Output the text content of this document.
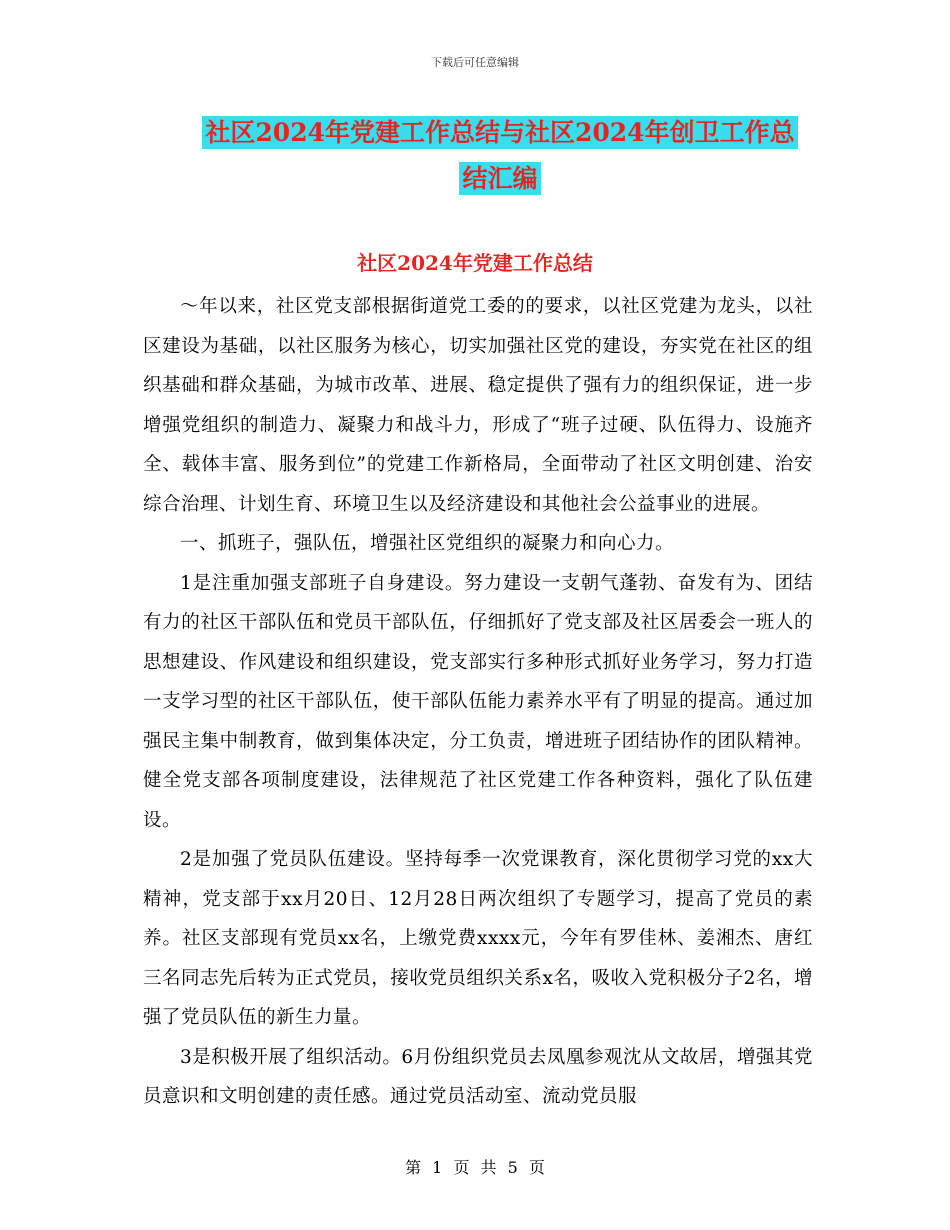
下载后可任意编辑
社区2024年党建工作总结与社区2024年创卫工作总
结汇编
社区2024年党建工作总结

～年以来，社区党支部根据街道党工委的的要求，以社区党建为龙头，以社区建设为基础，以社区服务为核心，切实加强社区党的建设，夯实党在社区的组织基础和群众基础，为城市改革、进展、稳定提供了强有力的组织保证，进一步增强党组织的制造力、凝聚力和战斗力，形成了“班子过硬、队伍得力、设施齐全、载体丰富、服务到位”的党建工作新格局，全面带动了社区文明创建、治安综合治理、计划生育、环境卫生以及经济建设和其他社会公益事业的进展。

一、抓班子，强队伍，增强社区党组织的凝聚力和向心力。

1是注重加强支部班子自身建设。努力建设一支朝气蓬勃、奋发有为、团结有力的社区干部队伍和党员干部队伍，仔细抓好了党支部及社区居委会一班人的思想建设、作风建设和组织建设，党支部实行多种形式抓好业务学习，努力打造一支学习型的社区干部队伍，使干部队伍能力素养水平有了明显的提高。通过加强民主集中制教育，做到集体决定，分工负责，增进班子团结协作的团队精神。健全党支部各项制度建设，法律规范了社区党建工作各种资料，强化了队伍建设。

2是加强了党员队伍建设。坚持每季一次党课教育，深化贯彻学习党的xx大精神，党支部于xx月20日、12月28日两次组织了专题学习，提高了党员的素养。社区支部现有党员xx名，上缴党费xxxx元，今年有罗佳林、姜湘杰、唐红三名同志先后转为正式党员，接收党员组织关系x名，吸收入党积极分子2名，增强了党员队伍的新生力量。

3是积极开展了组织活动。6月份组织党员去凤凰参观沈从文故居，增强其党员意识和文明创建的责任感。通过党员活动室、流动党员服

第 1 页 共 5 页
